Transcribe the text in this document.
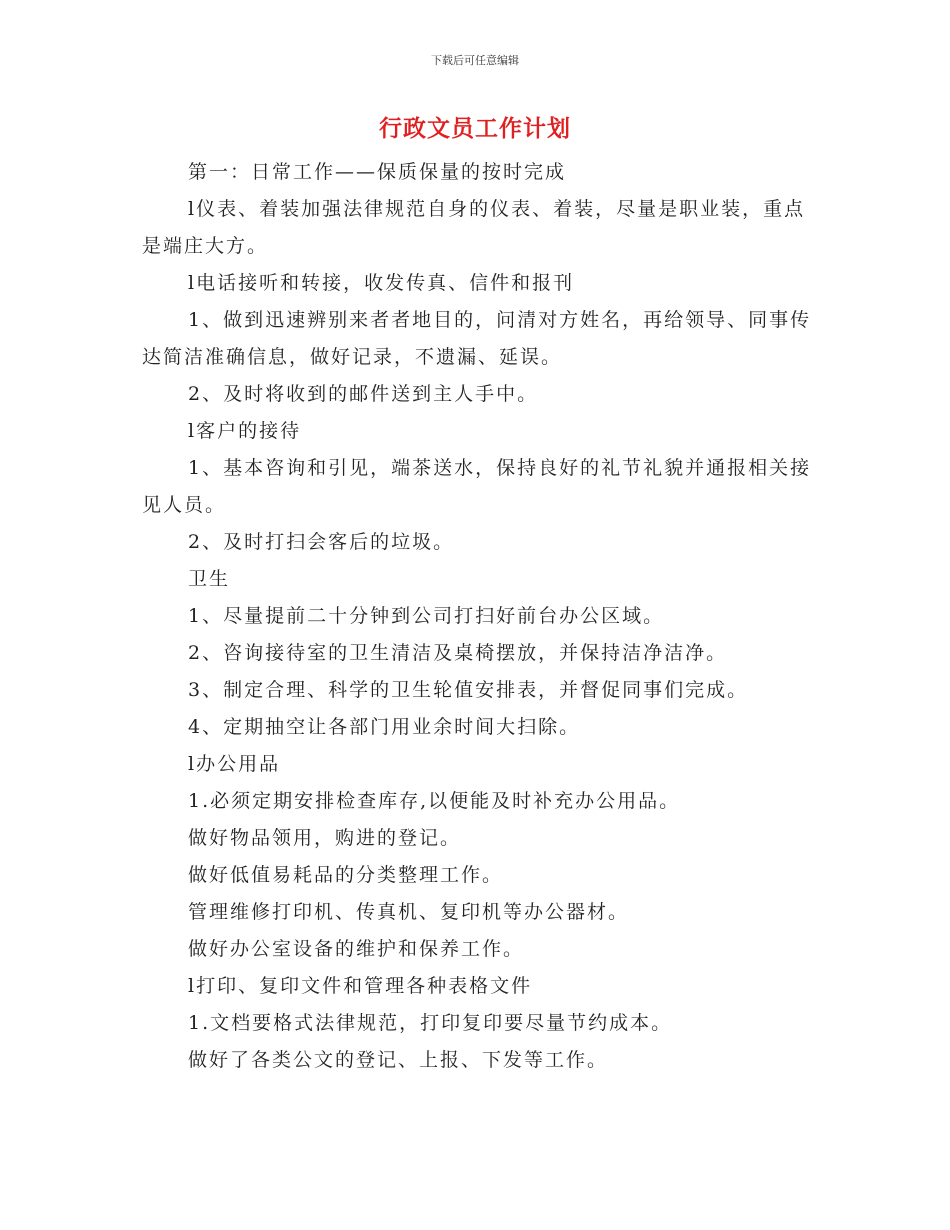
下载后可任意编辑
行政文员工作计划

第一：日常工作——保质保量的按时完成

l仪表、着装加强法律规范自身的仪表、着装，尽量是职业装，重点是端庄大方。

l电话接听和转接，收发传真、信件和报刊

1、做到迅速辨别来者者地目的，问清对方姓名，再给领导、同事传达简洁准确信息，做好记录，不遗漏、延误。

2、及时将收到的邮件送到主人手中。

l客户的接待

1、基本咨询和引见，端茶送水，保持良好的礼节礼貌并通报相关接见人员。

2、及时打扫会客后的垃圾。

卫生

1、尽量提前二十分钟到公司打扫好前台办公区域。

2、咨询接待室的卫生清洁及桌椅摆放，并保持洁净洁净。

3、制定合理、科学的卫生轮值安排表，并督促同事们完成。

4、定期抽空让各部门用业余时间大扫除。

l办公用品

1.必须定期安排检查库存,以便能及时补充办公用品。

做好物品领用，购进的登记。

做好低值易耗品的分类整理工作。

管理维修打印机、传真机、复印机等办公器材。

做好办公室设备的维护和保养工作。

l打印、复印文件和管理各种表格文件

1.文档要格式法律规范，打印复印要尽量节约成本。

做好了各类公文的登记、上报、下发等工作。
